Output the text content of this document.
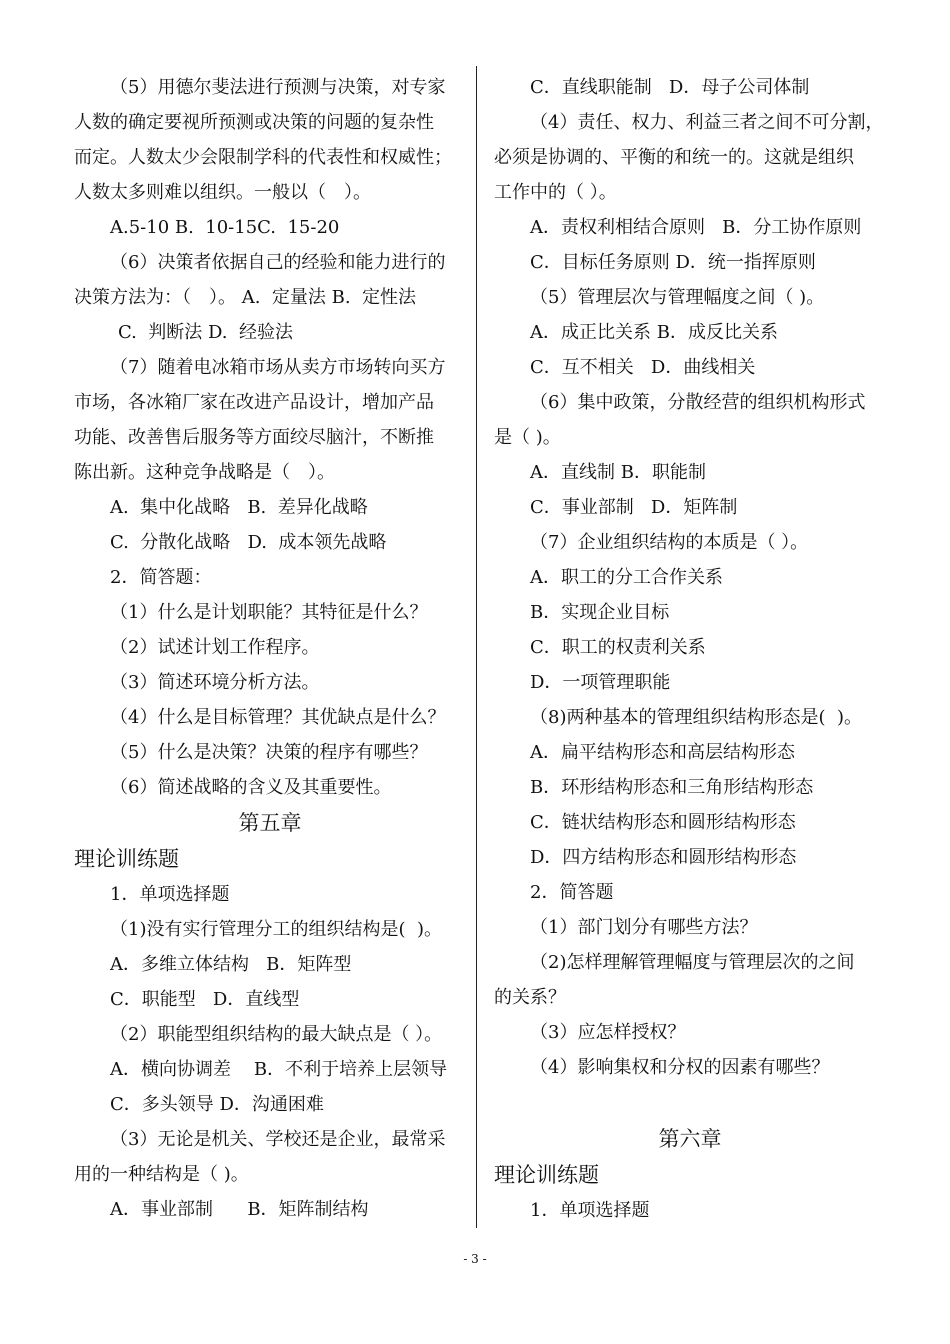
（5）用德尔斐法进行预测与决策，对专家
人数的确定要视所预测或决策的问题的复杂性
而定。人数太少会限制学科的代表性和权威性；
人数太多则难以组织。一般以（　）。
A.5-10 B.  10-15C.  15-20
（6）决策者依据自己的经验和能力进行的
决策方法为：（　）。 A.  定量法 B.  定性法
C.  判断法 D.  经验法
（7）随着电冰箱市场从卖方市场转向买方
市场，各冰箱厂家在改进产品设计，增加产品
功能、改善售后服务等方面绞尽脑汁，不断推
陈出新。这种竞争战略是（　）。
A.  集中化战略   B.  差异化战略
C.  分散化战略   D.  成本领先战略
2．简答题：
（1）什么是计划职能？其特征是什么？
（2）试述计划工作程序。
（3）简述环境分析方法。
（4）什么是目标管理？其优缺点是什么？
（5）什么是决策？决策的程序有哪些？
（6）简述战略的含义及其重要性。
第五章
理论训练题
1．单项选择题
（1)没有实行管理分工的组织结构是(  )。
A．多维立体结构   B．矩阵型
C．职能型   D．直线型
（2）职能型组织结构的最大缺点是（ ）。
A．横向协调差    B．不利于培养上层领导
C．多头领导 D．沟通困难
（3）无论是机关、学校还是企业，最常采
用的一种结构是（ )。
A．事业部制      B．矩阵制结构
C．直线职能制   D．母子公司体制
（4）责任、权力、利益三者之间不可分割，
必须是协调的、平衡的和统一的。这就是组织
工作中的（ ）。
A．责权利相结合原则   B．分工协作原则
C．目标任务原则 D．统一指挥原则
（5）管理层次与管理幅度之间（ )。
A．成正比关系 B．成反比关系
C．互不相关   D．曲线相关
（6）集中政策，分散经营的组织机构形式
是（ )。
A．直线制 B．职能制
C．事业部制   D．矩阵制
（7）企业组织结构的本质是（ ）。
A．职工的分工合作关系
B．实现企业目标
C．职工的权责利关系
D．一项管理职能
（8)两种基本的管理组织结构形态是(  )。
A．扁平结构形态和高层结构形态
B．环形结构形态和三角形结构形态
C．链状结构形态和圆形结构形态
D．四方结构形态和圆形结构形态
2．简答题
（1）部门划分有哪些方法？
（2)怎样理解管理幅度与管理层次的之间
的关系？
（3）应怎样授权？
（4）影响集权和分权的因素有哪些？
第六章
理论训练题
1．单项选择题
- 3 -
